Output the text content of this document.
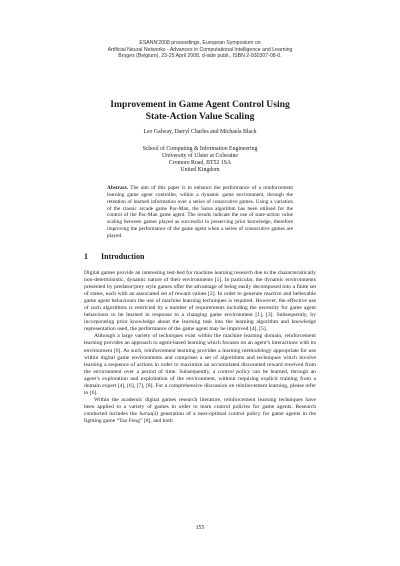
ESANN'2008 proceedings, European Symposium on
Artificial Neural Networks - Advances in Computational Intelligence and Learning
Bruges (Belgium), 23-25 April 2008, d-side publi., ISBN 2-930307-08-0.
Improvement in Game Agent Control Using
State-Action Value Scaling
Leo Galway, Darryl Charles and Michaela Black
School of Computing & Information Engineering
University of Ulster at Coleraine
Cromore Road, BT52 1SA
United Kingdom
Abstract. The aim of this paper is to enhance the performance of a reinforcement learning game agent controller, within a dynamic game environment, through the retention of learned information over a series of consecutive games. Using a variation of the classic arcade game Pac-Man, the Sarsa algorithm has been utilised for the control of the Pac-Man game agent. The results indicate the use of state-action value scaling between games played as successful in preserving prior knowledge, therefore improving the performance of the game agent when a series of consecutive games are played.
1 Introduction

Digital games provide an interesting test-bed for machine learning research due to the characteristically non-deterministic, dynamic nature of their environments [1]. In particular, the dynamic environments presented by predator/prey style games offer the advantage of being easily decomposed into a finite set of states, each with an associated set of reward values [2]. In order to generate reactive and believable game agent behaviours the use of machine learning techniques is required. However, the effective use of such algorithms is restricted by a number of requirements including the necessity for game agent behaviours to be learned in response to a changing game environment [1], [3]. Subsequently, by incorporating prior knowledge about the learning task into the learning algorithm and knowledge representation used, the performance of the game agent may be improved [4], [5].

Although a large variety of techniques exist within the machine learning domain, reinforcement learning provides an approach to agent-based learning which focuses on an agent’s interactions with its environment [6]. As such, reinforcement learning provides a learning methodology appropriate for use within digital game environments and comprises a set of algorithms and techniques which involve learning a sequence of actions in order to maximize an accumulated discounted reward received from the environment over a period of time. Subsequently, a control policy can be learned, through an agent’s exploration and exploitation of the environment, without requiring explicit training from a domain expert [4], [6], [7], [8]. For a comprehensive discussion on reinforcement learning, please refer to [6].

Within the academic digital games research literature, reinforcement learning techniques have been applied to a variety of games in order to learn control policies for game agents. Research conducted includes the Sarsa(λ) generation of a near-optimal control policy for game agents in the fighting game “Tao Feng” [8], and both

155
